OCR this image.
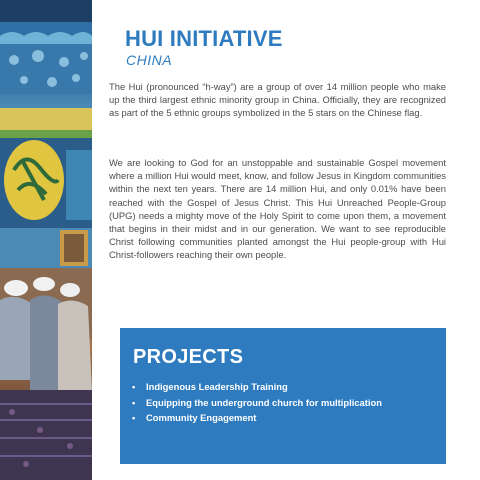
HUI INITIATIVE
CHINA

The Hui (pronounced “h-way”) are a group of over 14 million people who make up the third largest ethnic minority group in China. Officially, they are recognized as part of the 5 ethnic groups symbolized in the 5 stars on the Chinese flag.

We are looking to God for an unstoppable and sustainable Gospel movement where a million Hui would meet, know, and follow Jesus in Kingdom communities within the next ten years. There are 14 million Hui, and only 0.01% have been reached with the Gospel of Jesus Christ. This Hui Unreached People-Group (UPG) needs a mighty move of the Holy Spirit to come upon them, a movement that begins in their midst and in our generation. We want to see reproducible Christ following communities planted amongst the Hui people-group with Hui Christ-followers reaching their own people.

PROJECTS
• Indigenous Leadership Training
• Equipping the underground church for multiplication
• Community Engagement
